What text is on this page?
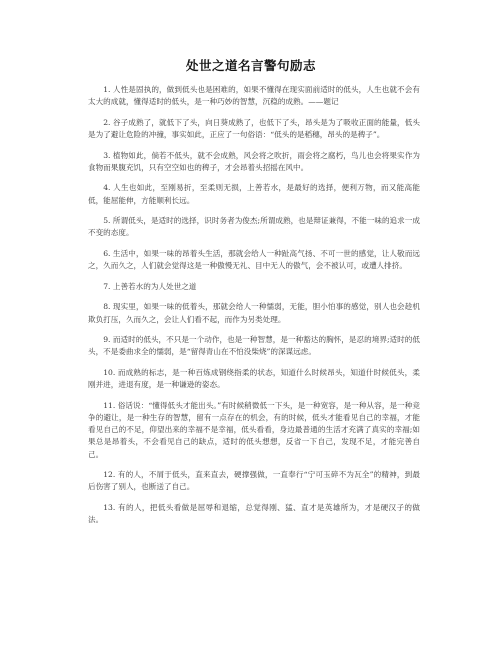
处世之道名言警句励志

1. 人性是固执的，做到低头也是困难的，如果不懂得在现实面前适时的低头，人生也就不会有太大的成就，懂得适时的低头，是一种巧妙的智慧，沉稳的成熟。——题记

2. 谷子成熟了，就低下了头，向日葵成熟了，也低下了头，昂头是为了吸收正面的能量，低头是为了避让危险的冲撞，事实如此，正应了一句俗语：“低头的是稻穗，昂头的是稗子”。

3. 植物如此，倘若不低头，就不会成熟，风会将之吹折，雨会将之腐朽，鸟儿也会将果实作为食物而果腹充饥，只有空空如也的稗子，才会昂着头招摇在风中。

4. 人生也如此，至刚易折，至柔则无损，上善若水，是最好的选择，便利万物，而又能高能低，能屈能伸，方能顺利长远。

5. 所谓低头，是适时的选择，识时务者为俊杰;所谓成熟，也是辩证兼得，不能一味的追求一成不变的态度。

6. 生活中，如果一味的昂着头生活，那就会给人一种趾高气扬、不可一世的感觉，让人敬而远之，久而久之，人们就会觉得这是一种傲慢无礼、目中无人的傲气，会不被认可，或遭人排挤。

7. 上善若水的为人处世之道

8. 现实里，如果一味的低着头，那就会给人一种懦弱，无能，胆小怕事的感觉，别人也会趁机欺负打压，久而久之，会让人们看不起，而作为另类处理。

9. 而适时的低头，不只是一个动作，也是一种智慧，是一种豁达的胸怀，是忍的境界;适时的低头，不是委曲求全的懦弱，是“留得青山在不怕没柴烧”的深谋远虑。

10. 而成熟的标志，是一种百炼成钢绕指柔的状态，知道什么时候昂头，知道什时候低头，柔刚并进，进退有度，是一种谦逊的姿态。

11. 俗话说：“懂得低头才能出头。”有时候稍微低一下头，是一种宽容，是一种从容，是一种竞争的避让，是一种生存的智慧，留有一点存在的机会，有的时候，低头才能看见自己的幸福，才能看见自己的不足，仰望出来的幸福不是幸福，低头看看，身边最普通的生活才充满了真实的幸福;如果总是昂着头，不会看见自己的缺点，适时的低头想想，反省一下自己，发现不足，才能完善自己。

12. 有的人，不屑于低头，直来直去，硬撑强做，一直奉行“宁可玉碎不为瓦全”的精神，到最后伤害了别人，也断送了自己。

13. 有的人，把低头看做是屈辱和退缩，总觉得刚、猛、直才是英雄所为，才是硬汉子的做法。
